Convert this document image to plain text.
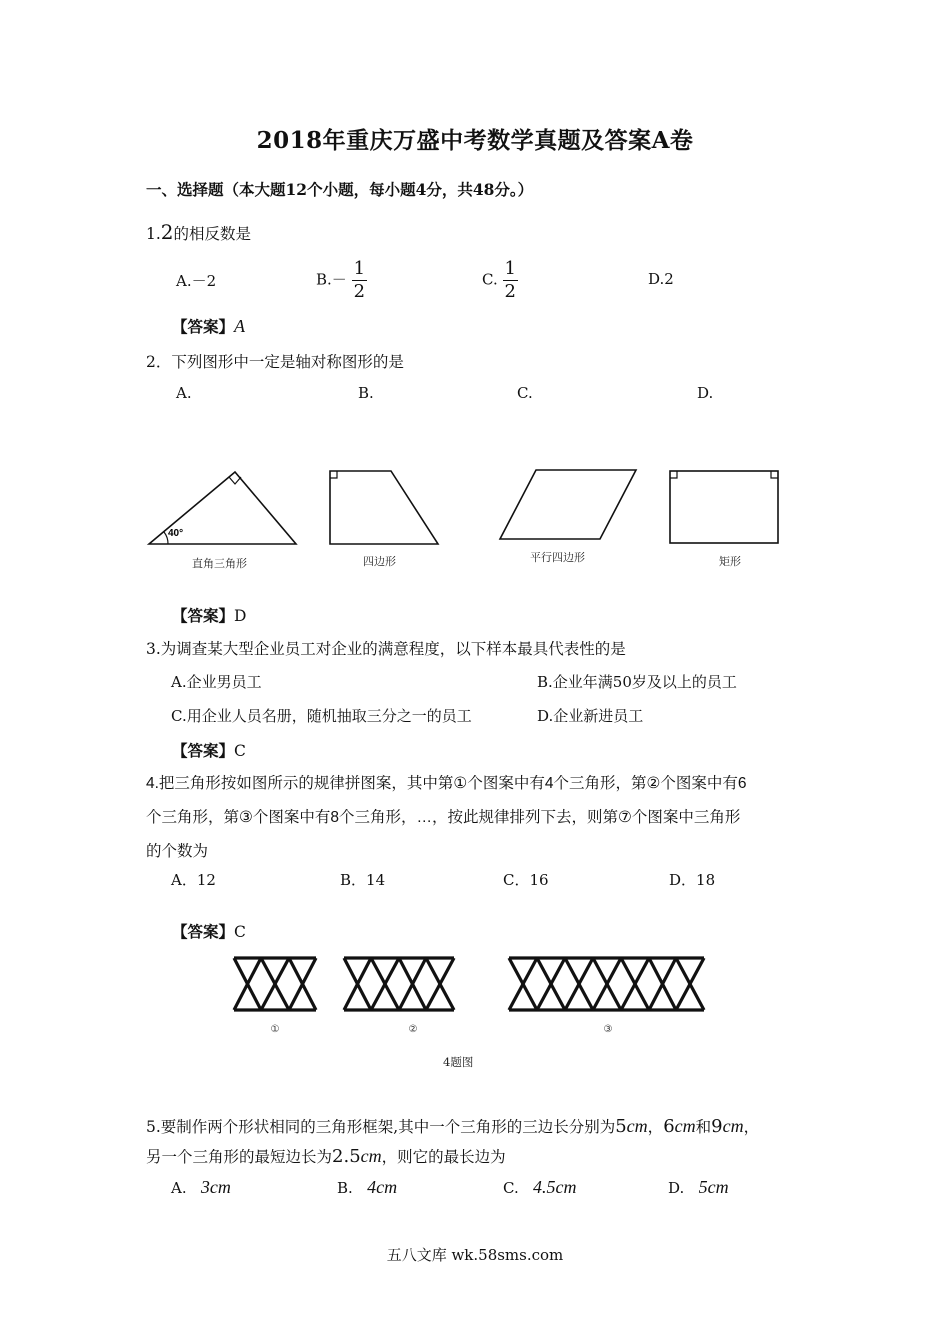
2018年重庆万盛中考数学真题及答案A卷
一、选择题（本大题12个小题，每小题4分，共48分。）
1.2的相反数是
A.－2	$B.- \frac{1}{2}$	C. $\frac{1}{2}$	D.2
【答案】A
2．下列图形中一定是轴对称图形的是
A.	B.	C.	D.
40°
直角三角形	四边形	平行四边形	矩形
【答案】D
3.为调查某大型企业员工对企业的满意程度，以下样本最具代表性的是
A.企业男员工	B.企业年满50岁及以上的员工
C.用企业人员名册，随机抽取三分之一的员工	D.企业新进员工
【答案】C
4.把三角形按如图所示的规律拼图案，其中第①个图案中有4个三角形，第②个图案中有6
个三角形，第③个图案中有8个三角形，…，按此规律排列下去，则第⑦个图案中三角形
的个数为
A．12	B．14	C．16	D．18
【答案】C
①	②	③
4题图
5.要制作两个形状相同的三角形框架,其中一个三角形的三边长分别为5cm，6cm和9cm，
另一个三角形的最短边长为2.5cm，则它的最长边为
A. 3cm	B. 4cm	C. 4.5cm	D. 5cm
五八文库 wk.58sms.com
